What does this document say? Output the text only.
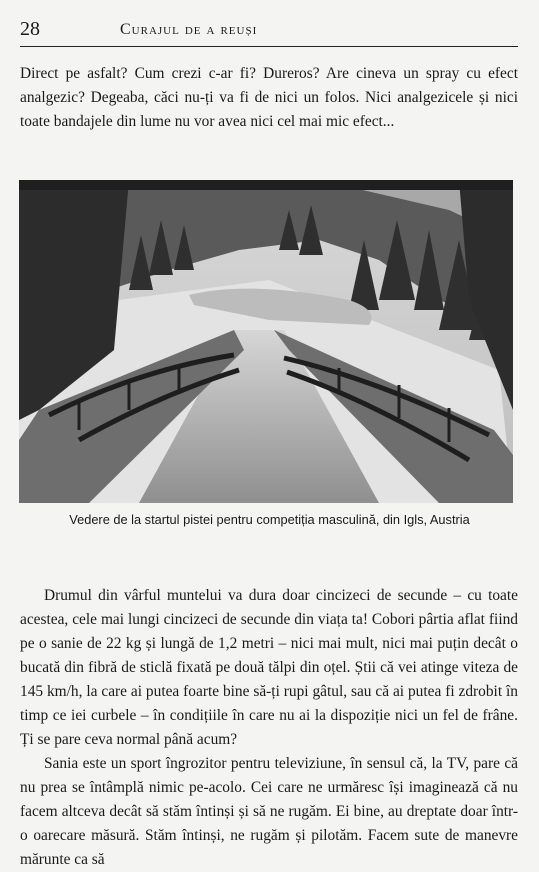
28	Curajul de a reuși
Direct pe asfalt? Cum crezi c-ar fi? Dureros? Are cineva un spray cu efect analgezic? Degeaba, căci nu-ți va fi de nici un folos. Nici analgezicele și nici toate bandajele din lume nu vor avea nici cel mai mic efect...
Vedere de la startul pistei pentru competiția masculină, din Igls, Austria
Drumul din vârful muntelui va dura doar cincizeci de secunde – cu toate acestea, cele mai lungi cincizeci de secunde din viața ta! Cobori pârtia aflat fiind pe o sanie de 22 kg și lungă de 1,2 metri – nici mai mult, nici mai puțin decât o bucată din fibră de sticlă fixată pe două tălpi din oțel. Știi că vei atinge viteza de 145 km/h, la care ai putea foarte bine să-ți rupi gâtul, sau că ai putea fi zdrobit în timp ce iei curbele – în condițiile în care nu ai la dispoziție nici un fel de frâne. Ți se pare ceva normal până acum?
Sania este un sport îngrozitor pentru televiziune, în sensul că, la TV, pare că nu prea se întâmplă nimic pe-acolo. Cei care ne urmăresc își imaginează că nu facem altceva decât să stăm întinși și să ne rugăm. Ei bine, au dreptate doar într-o oarecare măsură. Stăm întinși, ne rugăm și pilotăm. Facem sute de manevre mărunte ca să
